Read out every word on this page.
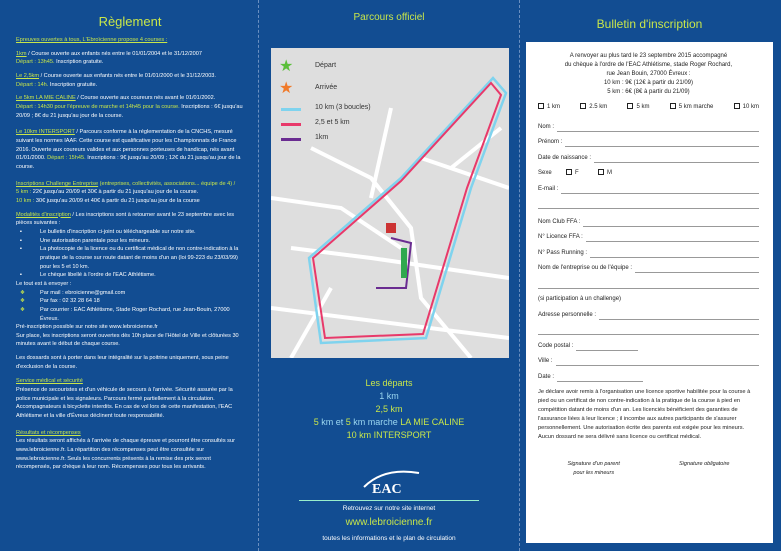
Règlement
Epreuves ouvertes à tous, L'Ebroïcienne propose 4 courses :
1km / Course ouverte aux enfants nés entre le 01/01/2004 et le 31/12/2007
Départ : 13h45. Inscription gratuite.
Le 2,5km / Course ouverte aux enfants nés entre le 01/01/2000 et le 31/12/2003.
Départ : 14h. Inscription gratuite.
Le 5km LA MIE CALINE / Course ouverte aux coureurs nés avant le 01/01/2002.
Départ : 14h30 pour l'épreuve de marche et 14h45 pour la course. Inscriptions : 6€ jusqu'au 20/09 ; 8€ du 21 jusqu'au jour de la course.
Le 10km INTERSPORT / Parcours conforme à la réglementation de la CNCHS, mesuré suivant les normes IAAF. Cette course est qualificative pour les Championnats de France 2016. Ouverte aux coureurs valides et aux personnes porteuses de handicap, nés avant 01/01/2000. Départ : 15h45. Inscriptions : 9€ jusqu'au 20/09 ; 12€ du 21 jusqu'au jour de la course.
Inscriptions Challenge Entreprise (entreprises, collectivités, associations... équipe de 4) /
5 km : 22€ jusqu'au 20/09 et 30€ à partir du 21 jusqu'au jour de la course.
10 km : 30€ jusqu'au 20/09 et 40€ à partir du 21 jusqu'au jour de la course
Modalités d'inscription / Les inscriptions sont à retourner avant le 23 septembre avec les pièces suivantes :
▪ Le bulletin d'inscription ci-joint ou téléchargeable sur notre site.
▪ Une autorisation parentale pour les mineurs.
▪ La photocopie de la licence ou du certificat médical de non contre-indication à la pratique de la course sur route datant de moins d'un an (loi 99-223 du 23/03/99) pour les 5 et 10 km.
▪ Le chèque libellé à l'ordre de l'EAC Athlétisme.
Le tout est à envoyer :
❖ Par mail : ebroicienne@gmail.com
❖ Par fax : 02 32 28 64 18
❖ Par courrier : EAC Athlétisme, Stade Roger Rochard, rue Jean-Bouin, 27000 Évreux.
Pré-inscription possible sur notre site www.lebroicienne.fr
Sur place, les inscriptions seront ouvertes dès 10h place de l'Hôtel de Ville et clôturées 30 minutes avant le début de chaque course.
Les dossards sont à porter dans leur intégralité sur la poitrine uniquement, sous peine d'exclusion de la course.
Service médical et sécurité
Présence de secouristes et d'un véhicule de secours à l'arrivée. Sécurité assurée par la police municipale et les signaleurs. Parcours fermé partiellement à la circulation. Accompagnateurs à bicyclette interdits. En cas de vol lors de cette manifestation, l'EAC Athlétisme et la ville d'Évreux déclinent toute responsabilité.
Résultats et récompenses
Les résultats seront affichés à l'arrivée de chaque épreuve et pourront être consultés sur www.lebroicienne.fr. La répartition des récompenses peut être consultée sur www.lebroicienne.fr. Seuls les concurrents présents à la remise des prix seront récompensés, par chèque à leur nom. Récompenses pour tous les arrivants.
Parcours officiel
★	Départ
★	Arrivée
10 km (3 boucles)
2,5 et 5 km
1km
Les départs
1 km
2,5 km
5 km et 5 km marche LA MIE CALINE
10 km INTERSPORT
EAC
Retrouvez sur notre site internet
www.lebroicienne.fr
toutes les informations et le plan de circulation
Bulletin d'inscription
A renvoyer au plus tard le 23 septembre 2015 accompagné
du chèque à l'ordre de l'EAC Athlétisme, stade Roger Rochard,
rue Jean Bouin, 27000 Évreux :
10 km : 9€ (12€ à partir du 21/09)
5 km : 6€ (8€ à partir du 21/09)
1 km	2.5 km	5 km	5 km marche	10 km
Nom :
Prénom :
Date de naissance :
Sexe	F	M
E-mail :
Nom Club FFA :
N° Licence FFA :
N° Pass Running :
Nom de l'entreprise ou de l'équipe :
(si participation à un challenge)
Adresse personnelle :
Code postal :
Ville :
Date :
Je déclare avoir remis à l'organisation une licence sportive habilitée pour la course à pied ou un certificat de non contre-indication à la pratique de la course à pied en compétition datant de moins d'un an. Les licenciés bénéficient des garanties de l'assurance liées à leur licence ; il incombe aux autres participants de s'assurer personnellement. Une autorisation écrite des parents est exigée pour les mineurs. Aucun dossard ne sera délivré sans licence ou certificat médical.
Signature d'un parent
pour les mineurs
Signature obligatoire
